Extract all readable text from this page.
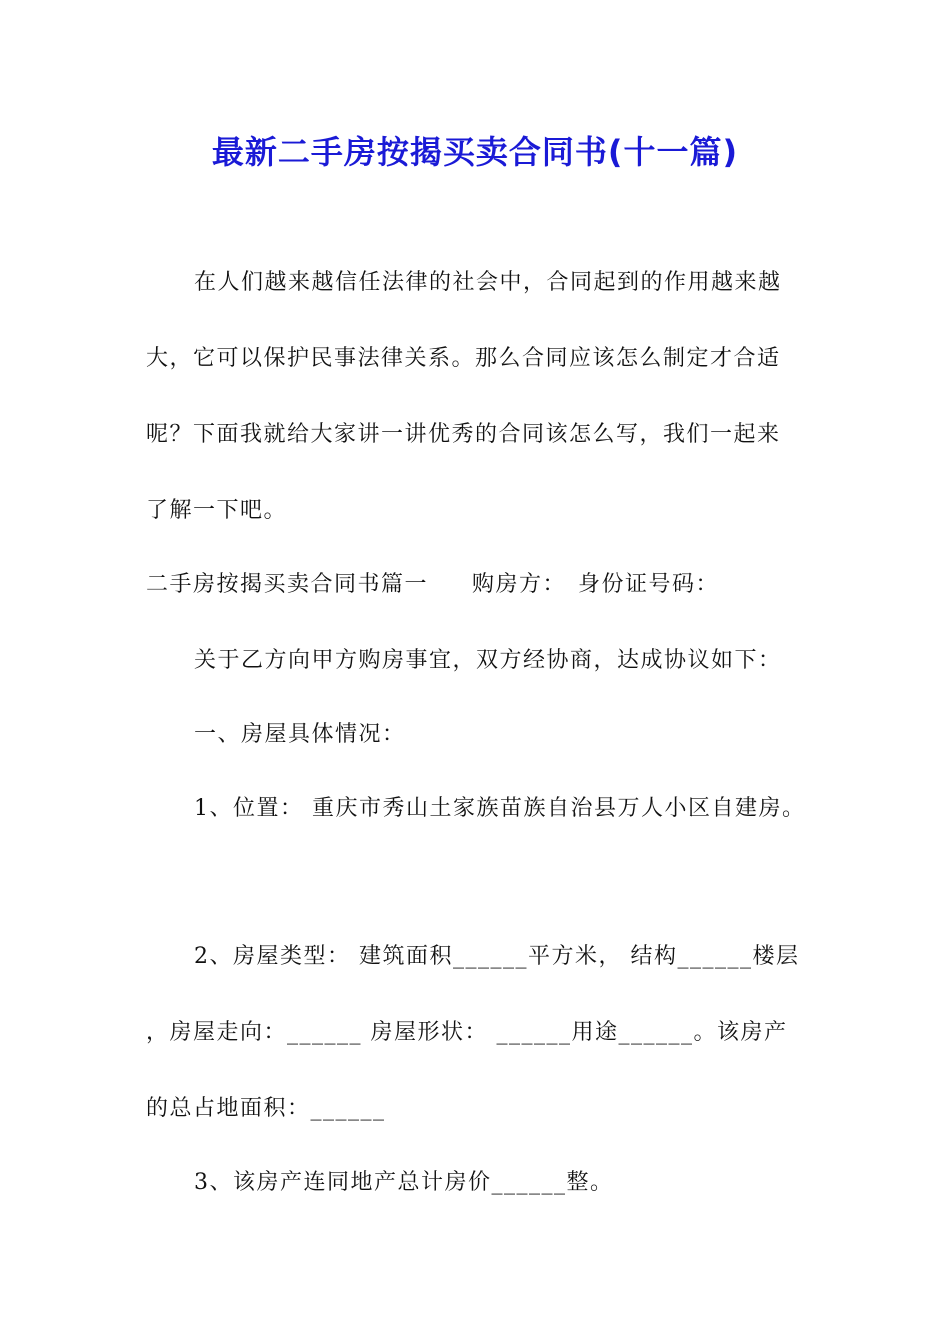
最新二手房按揭买卖合同书(十一篇)

在人们越来越信任法律的社会中，合同起到的作用越来越

大，它可以保护民事法律关系。那么合同应该怎么制定才合适

呢？下面我就给大家讲一讲优秀的合同该怎么写，我们一起来

了解一下吧。

二手房按揭买卖合同书篇一 购房方： 身份证号码：

关于乙方向甲方购房事宜，双方经协商，达成协议如下：

一、房屋具体情况：

1、位置： 重庆市秀山土家族苗族自治县万人小区自建房。

2、房屋类型： 建筑面积______平方米， 结构______楼层

，房屋走向：______ 房屋形状： ______用途______。该房产

的总占地面积：______

3、该房产连同地产总计房价______整。
